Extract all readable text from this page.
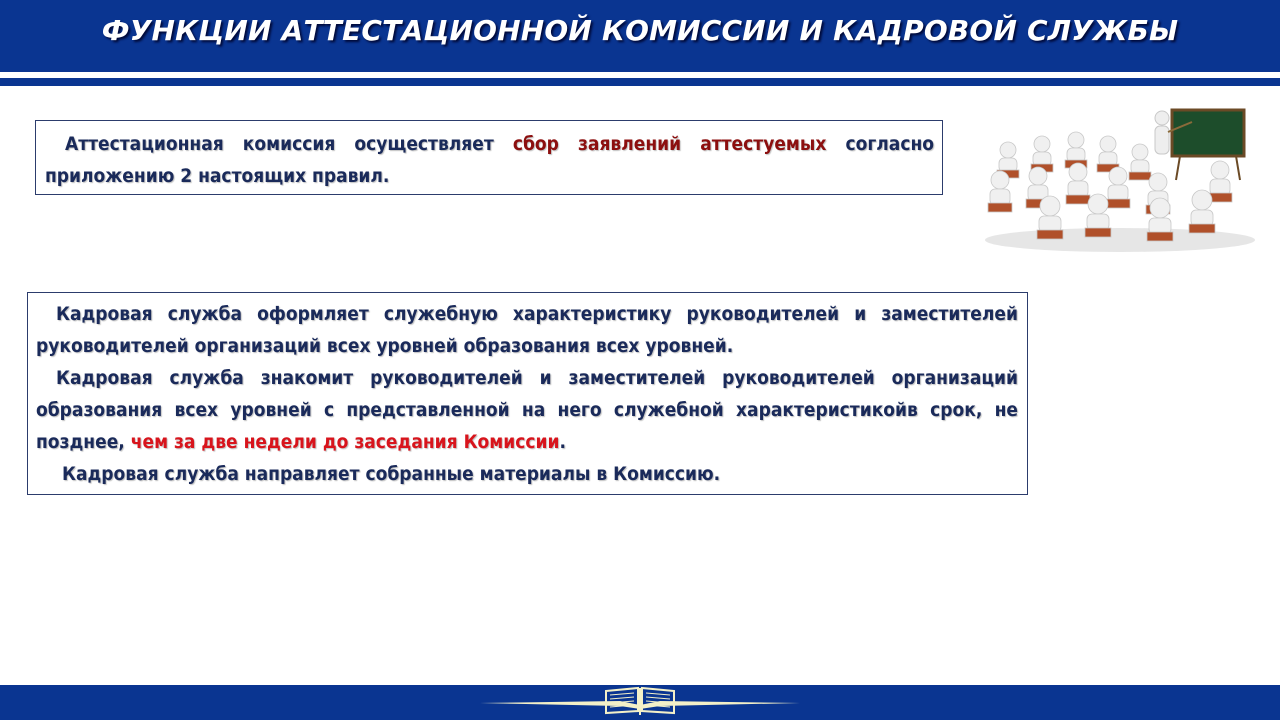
ФУНКЦИИ АТТЕСТАЦИОННОЙ КОМИССИИ И КАДРОВОЙ СЛУЖБЫ

Аттестационная комиссия осуществляет сбор заявлений аттестуемых согласно приложению 2 настоящих правил.

Кадровая служба оформляет служебную характеристику руководителей и заместителей руководителей организаций всех уровней образования всех уровней.

Кадровая служба знакомит руководителей и заместителей руководителей организаций образования всех уровней с представленной на него служебной характеристикойв срок, не позднее, чем за две недели до заседания Комиссии.

Кадровая служба направляет собранные материалы в Комиссию.
